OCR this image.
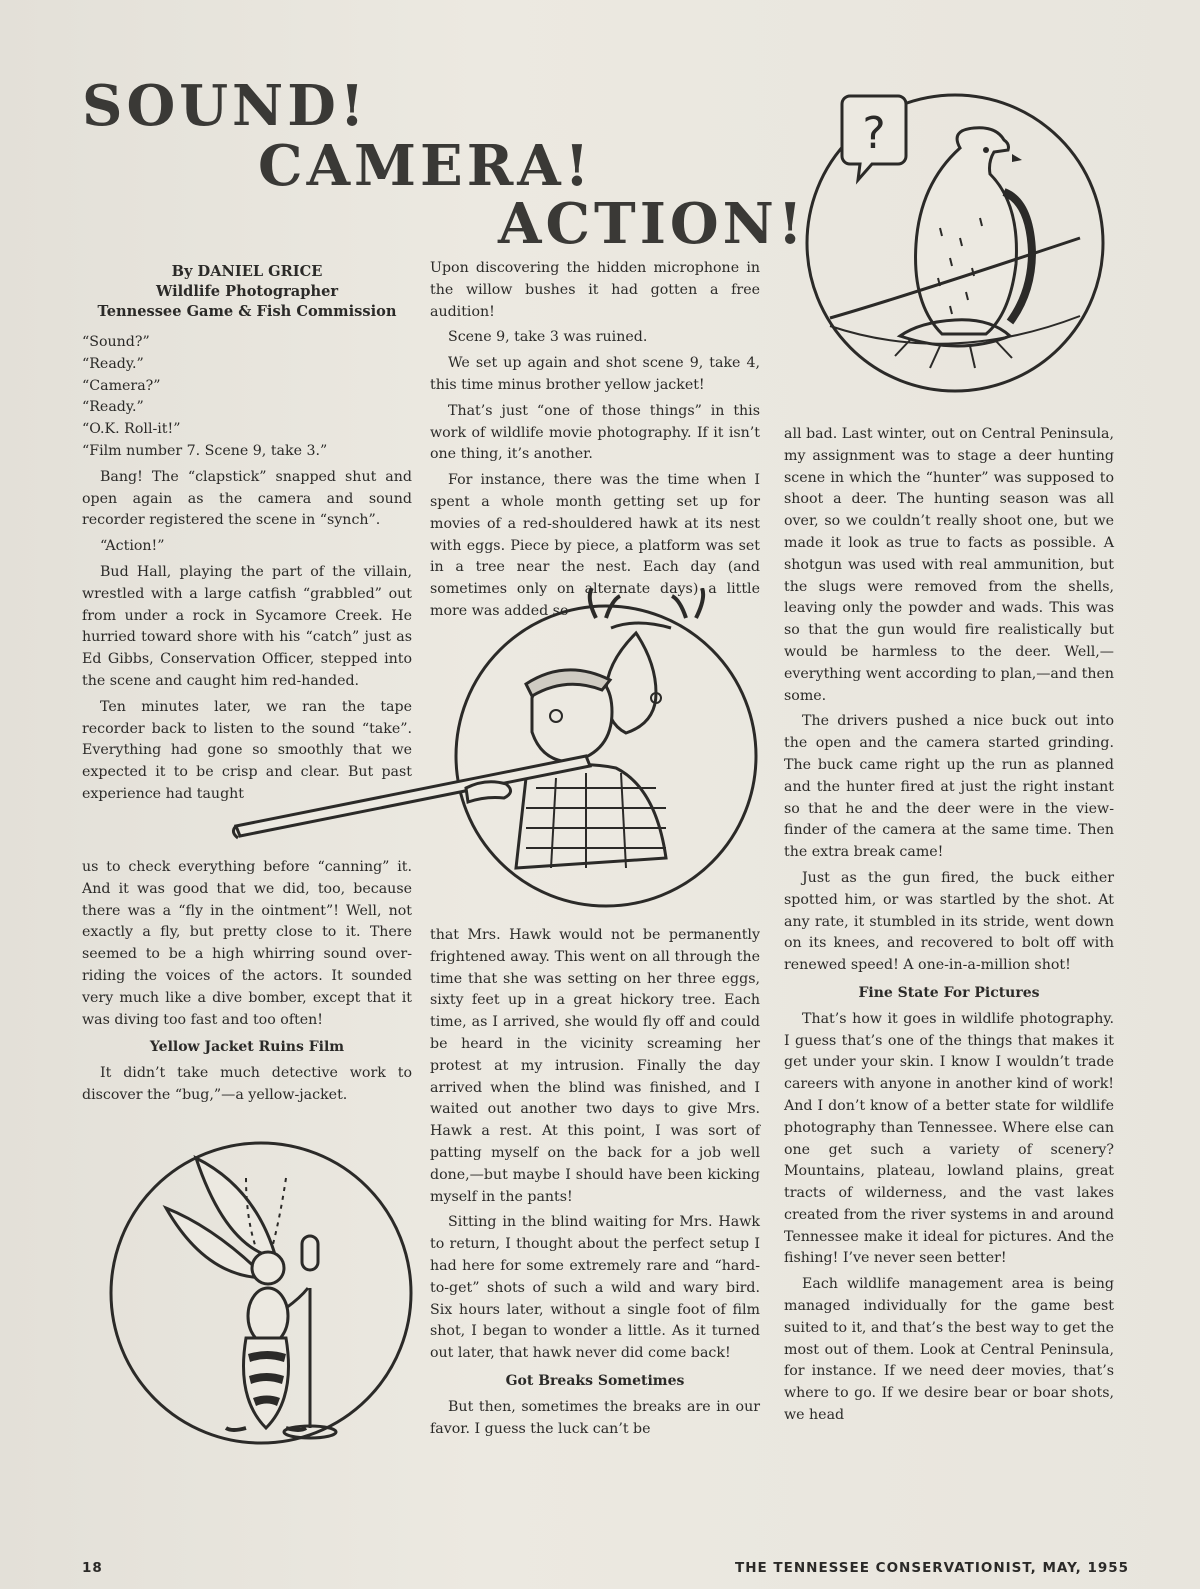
SOUND!
CAMERA!
ACTION!
By DANIEL GRICE
Wildlife Photographer
Tennessee Game & Fish Commission

“Sound?”

“Ready.”

“Camera?”

“Ready.”

“O.K. Roll-it!”

“Film number 7. Scene 9, take 3.”

Bang! The “clapstick” snapped shut and open again as the camera and sound recorder registered the scene in “synch”.

“Action!”

Bud Hall, playing the part of the villain, wrestled with a large catfish “grabbled” out from under a rock in Sycamore Creek. He hurried toward shore with his “catch” just as Ed Gibbs, Conservation Officer, stepped into the scene and caught him red-handed.

Ten minutes later, we ran the tape recorder back to listen to the sound “take”. Everything had gone so smoothly that we expected it to be crisp and clear. But past experience had taught

us to check everything before “canning” it. And it was good that we did, too, because there was a “fly in the ointment”! Well, not exactly a fly, but pretty close to it. There seemed to be a high whirring sound over-riding the voices of the actors. It sounded very much like a dive bomber, except that it was diving too fast and too often!

Yellow Jacket Ruins Film

It didn’t take much detective work to discover the “bug,”—a yellow-jacket.

Upon discovering the hidden microphone in the willow bushes it had gotten a free audition!

Scene 9, take 3 was ruined.

We set up again and shot scene 9, take 4, this time minus brother yellow jacket!

That’s just “one of those things” in this work of wildlife movie photography. If it isn’t one thing, it’s another.

For instance, there was the time when I spent a whole month getting set up for movies of a red-shouldered hawk at its nest with eggs. Piece by piece, a platform was set in a tree near the nest. Each day (and sometimes only on alternate days) a little more was added so

that Mrs. Hawk would not be permanently frightened away. This went on all through the time that she was setting on her three eggs, sixty feet up in a great hickory tree. Each time, as I arrived, she would fly off and could be heard in the vicinity screaming her protest at my intrusion. Finally the day arrived when the blind was finished, and I waited out another two days to give Mrs. Hawk a rest. At this point, I was sort of patting myself on the back for a job well done,—but maybe I should have been kicking myself in the pants!

Sitting in the blind waiting for Mrs. Hawk to return, I thought about the perfect setup I had here for some extremely rare and “hard-to-get” shots of such a wild and wary bird. Six hours later, without a single foot of film shot, I began to wonder a little. As it turned out later, that hawk never did come back!

Got Breaks Sometimes

But then, sometimes the breaks are in our favor. I guess the luck can’t be

all bad. Last winter, out on Central Peninsula, my assignment was to stage a deer hunting scene in which the “hunter” was supposed to shoot a deer. The hunting season was all over, so we couldn’t really shoot one, but we made it look as true to facts as possible. A shotgun was used with real ammunition, but the slugs were removed from the shells, leaving only the powder and wads. This was so that the gun would fire realistically but would be harmless to the deer. Well,—everything went according to plan,—and then some.

The drivers pushed a nice buck out into the open and the camera started grinding. The buck came right up the run as planned and the hunter fired at just the right instant so that he and the deer were in the view-finder of the camera at the same time. Then the extra break came!

Just as the gun fired, the buck either spotted him, or was startled by the shot. At any rate, it stumbled in its stride, went down on its knees, and recovered to bolt off with renewed speed! A one-in-a-million shot!

Fine State For Pictures

That’s how it goes in wildlife photography. I guess that’s one of the things that makes it get under your skin. I know I wouldn’t trade careers with anyone in another kind of work! And I don’t know of a better state for wildlife photography than Tennessee. Where else can one get such a variety of scenery? Mountains, plateau, lowland plains, great tracts of wilderness, and the vast lakes created from the river systems in and around Tennessee make it ideal for pictures. And the fishing! I’ve never seen better!

Each wildlife management area is being managed individually for the game best suited to it, and that’s the best way to get the most out of them. Look at Central Peninsula, for instance. If we need deer movies, that’s where to go. If we desire bear or boar shots, we head

?
18	THE TENNESSEE CONSERVATIONIST, MAY, 1955
